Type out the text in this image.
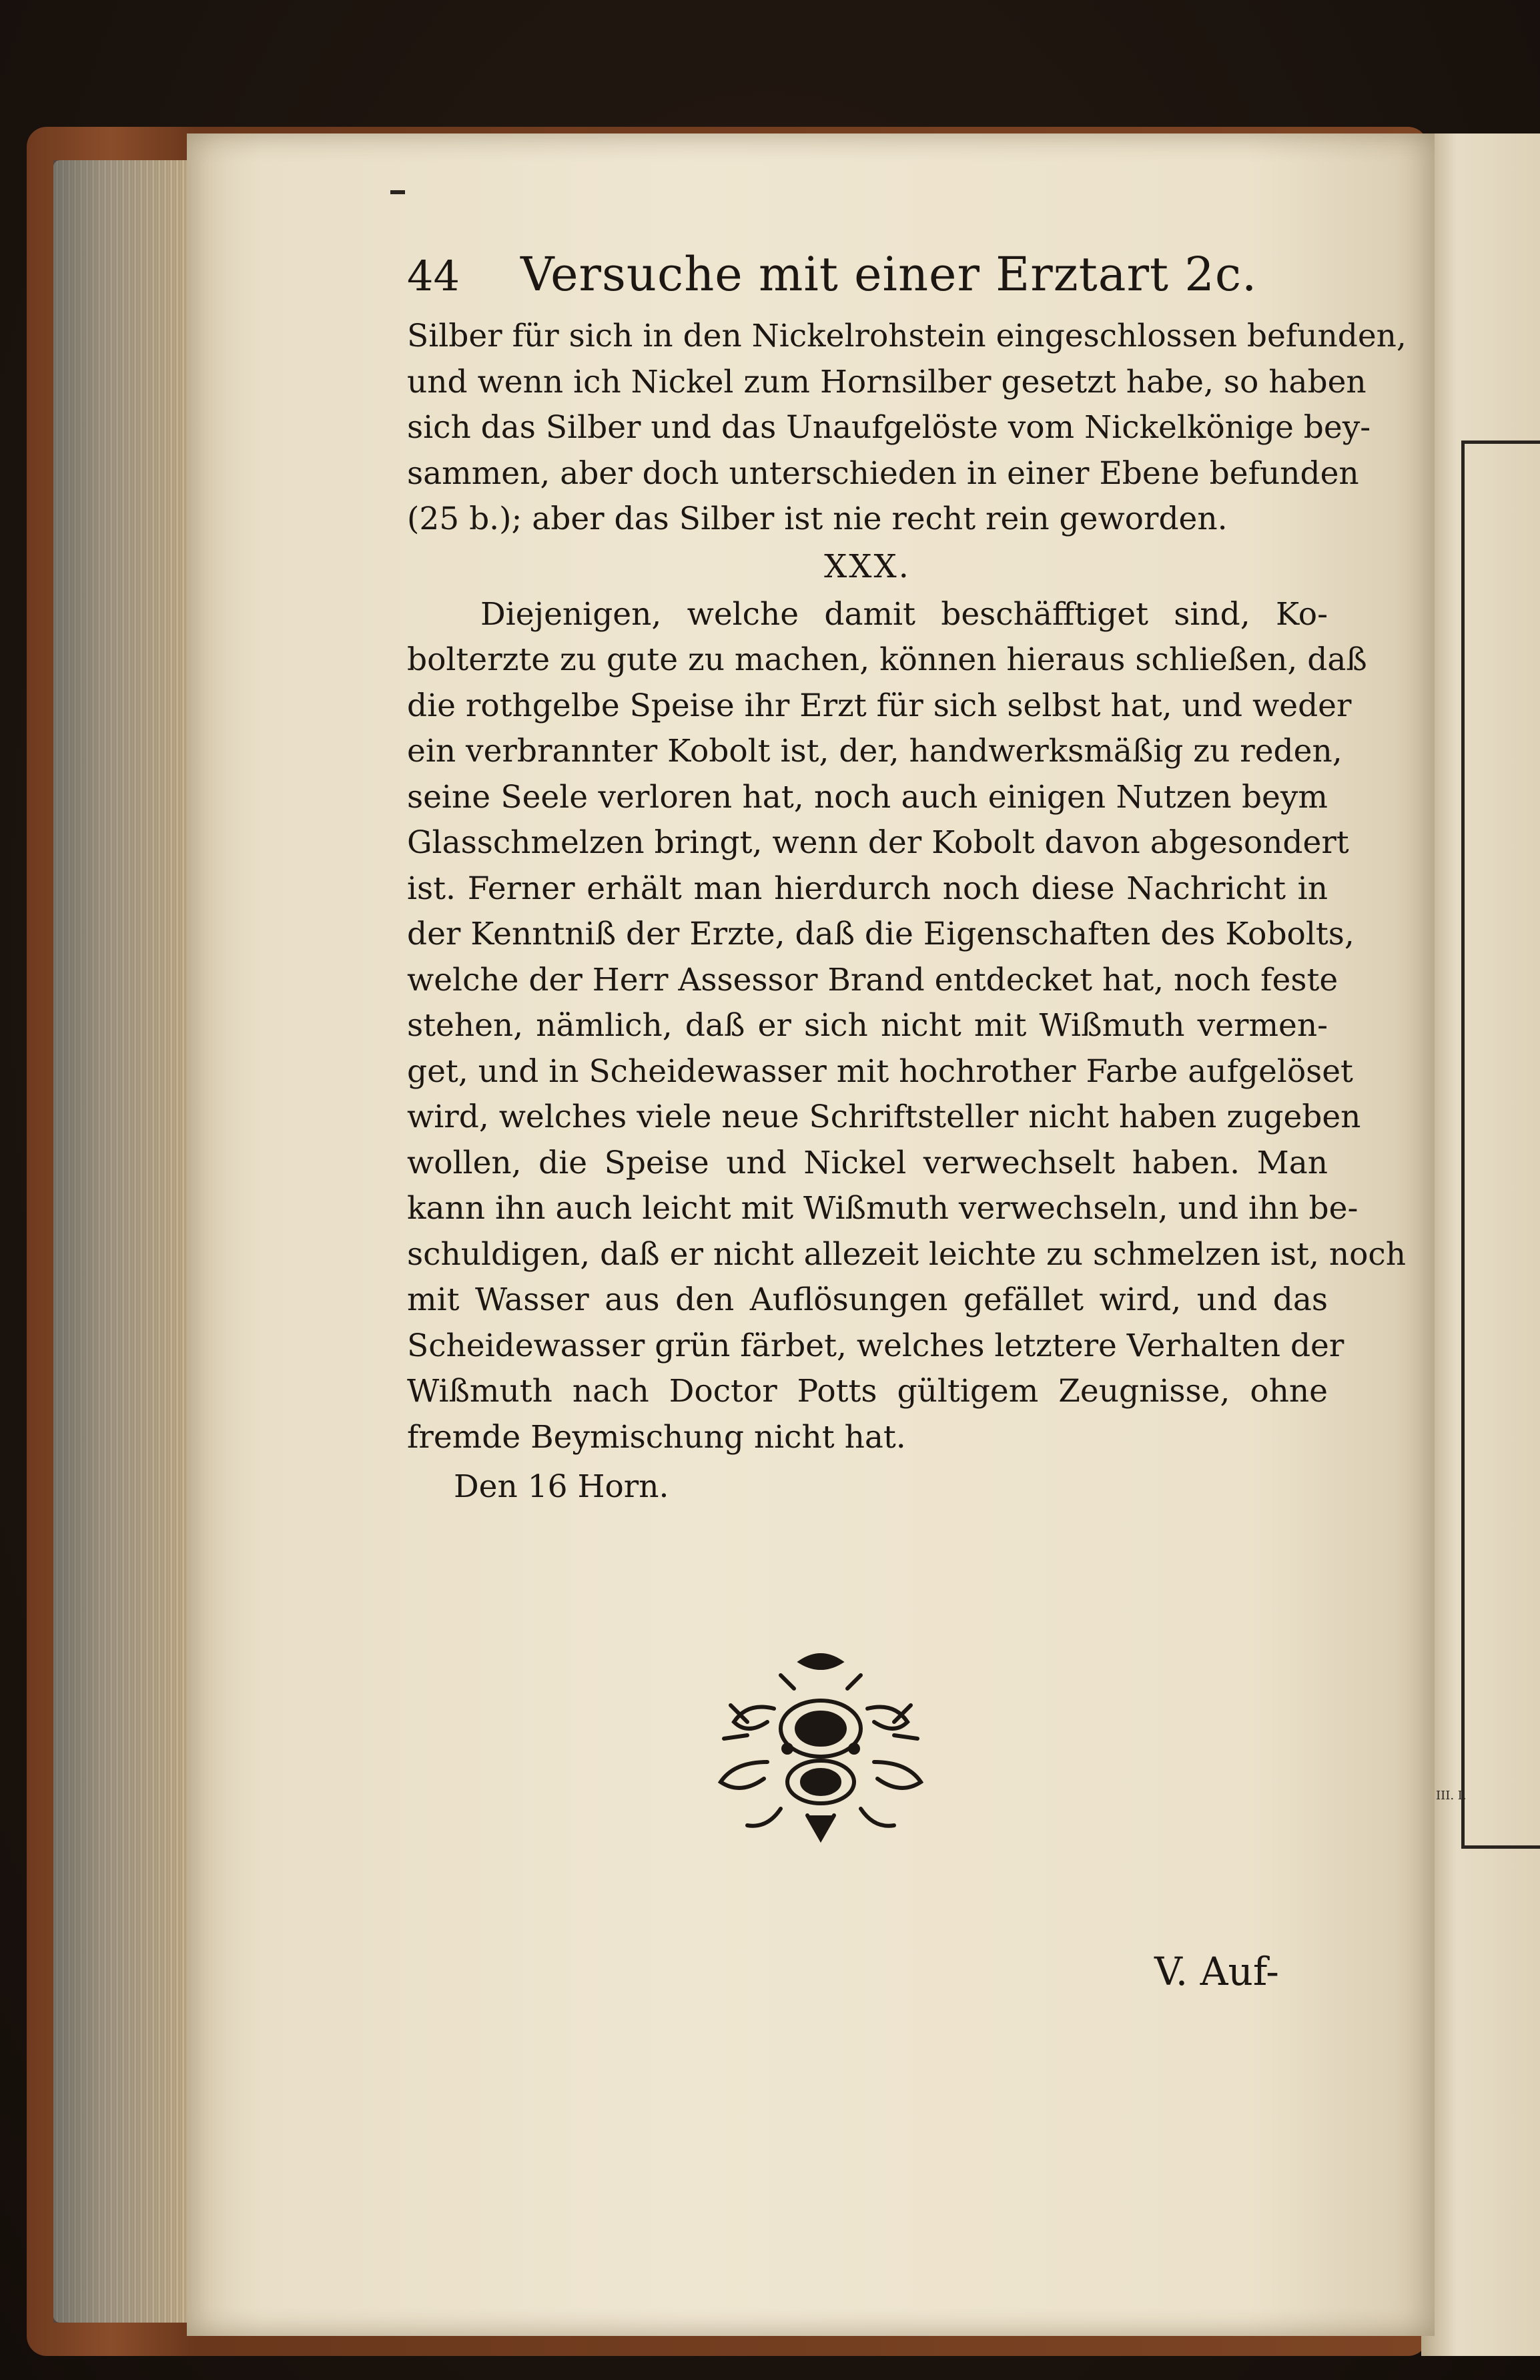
III. I.
44	Versuche mit einer Erztart 2c.

Silber für sich in den Nickelrohstein eingeschlossen befunden,
und wenn ich Nickel zum Hornsilber gesetzt habe, so haben
sich das Silber und das Unaufgelöste vom Nickelkönige bey-
sammen, aber doch unterschieden in einer Ebene befunden
(25 b.); aber das Silber ist nie recht rein geworden.

XXX.

Diejenigen, welche damit beschäfftiget sind, Ko-
bolterzte zu gute zu machen, können hieraus schließen, daß
die rothgelbe Speise ihr Erzt für sich selbst hat, und weder
ein verbrannter Kobolt ist, der, handwerksmäßig zu reden,
seine Seele verloren hat, noch auch einigen Nutzen beym
Glasschmelzen bringt, wenn der Kobolt davon abgesondert
ist. Ferner erhält man hierdurch noch diese Nachricht in
der Kenntniß der Erzte, daß die Eigenschaften des Kobolts,
welche der Herr Assessor Brand entdecket hat, noch feste
stehen, nämlich, daß er sich nicht mit Wißmuth vermen-
get, und in Scheidewasser mit hochrother Farbe aufgelöset
wird, welches viele neue Schriftsteller nicht haben zugeben
wollen, die Speise und Nickel verwechselt haben. Man
kann ihn auch leicht mit Wißmuth verwechseln, und ihn be-
schuldigen, daß er nicht allezeit leichte zu schmelzen ist, noch
mit Wasser aus den Auflösungen gefället wird, und das
Scheidewasser grün färbet, welches letztere Verhalten der
Wißmuth nach Doctor Potts gültigem Zeugnisse, ohne
fremde Beymischung nicht hat.

Den 16 Horn.
V. Auf-
